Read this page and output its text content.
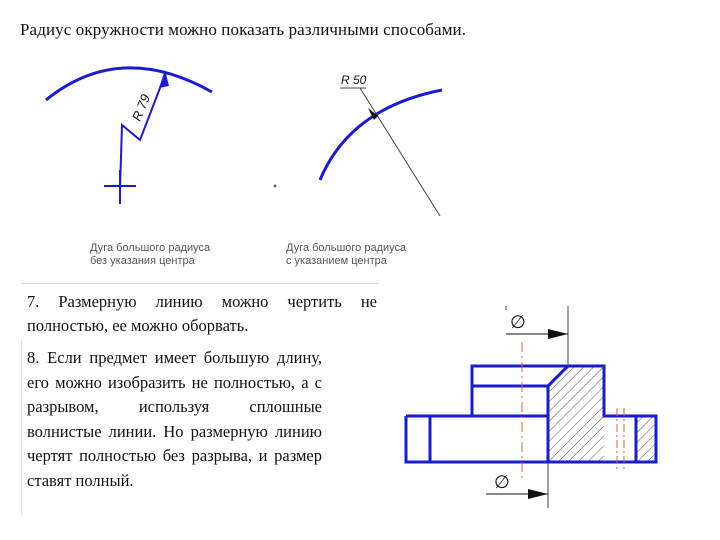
Радиус окружности можно показать различными способами.
R 79
R 50
∅
∅
Дуга большого радиуса
без указания центра
Дуга большого радиуса
с указанием центра
7. Размерную линию можно чертить не полностью, ее можно оборвать.
8. Если предмет имеет большую длину, его можно изобразить не полностью, а с разрывом, используя сплошные волнистые линии. Но размерную линию чертят полностью без разрыва, и размер ставят полный.
